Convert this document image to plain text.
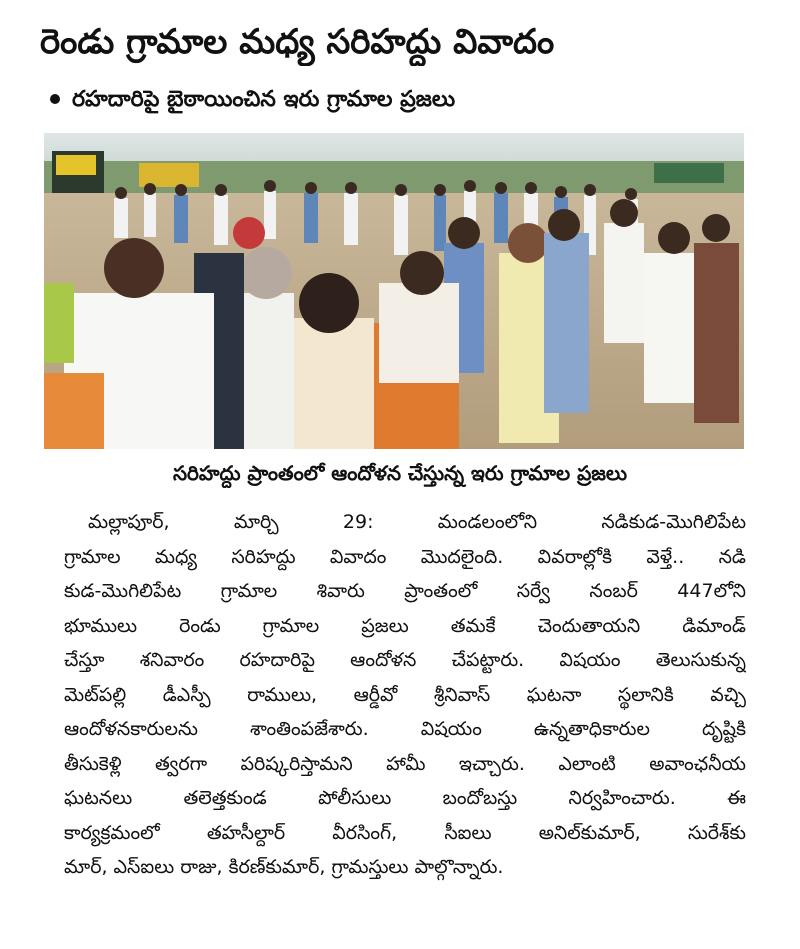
రెండు గ్రామాల మధ్య సరిహద్దు వివాదం
రహదారిపై బైఠాయించిన ఇరు గ్రామాల ప్రజలు
సరిహద్దు ప్రాంతంలో ఆందోళన చేస్తున్న ఇరు గ్రామాల ప్రజలు
మల్లాపూర్, మార్చి 29: మండలంలోని నడికుడ-మొగిలిపేట
గ్రామాల మధ్య సరిహద్దు వివాదం మొదలైంది. వివరాల్లోకి వెళ్తే.. నడి
కుడ-మొగిలిపేట గ్రామాల శివారు ప్రాంతంలో సర్వే నంబర్ 447లోని
భూములు రెండు గ్రామాల ప్రజలు తమకే చెందుతాయని డిమాండ్
చేస్తూ శనివారం రహదారిపై ఆందోళన చేపట్టారు. విషయం తెలుసుకున్న
మెట్‌పల్లి డీఎస్పీ రాములు, ఆర్డీవో శ్రీనివాస్ ఘటనా స్థలానికి వచ్చి
ఆందోళనకారులను శాంతింపజేశారు. విషయం ఉన్నతాధికారుల దృష్టికి
తీసుకెళ్లి త్వరగా పరిష్కరిస్తామని హామీ ఇచ్చారు. ఎలాంటి అవాంఛనీయ
ఘటనలు తలెత్తకుండ పోలీసులు బందోబస్తు నిర్వహించారు. ఈ
కార్యక్రమంలో తహసీల్దార్ వీరసింగ్, సీఐలు అనిల్‌కుమార్, సురేశ్‌కు
మార్, ఎస్ఐలు రాజు, కిరణ్‌కుమార్, గ్రామస్తులు పాల్గొన్నారు.
